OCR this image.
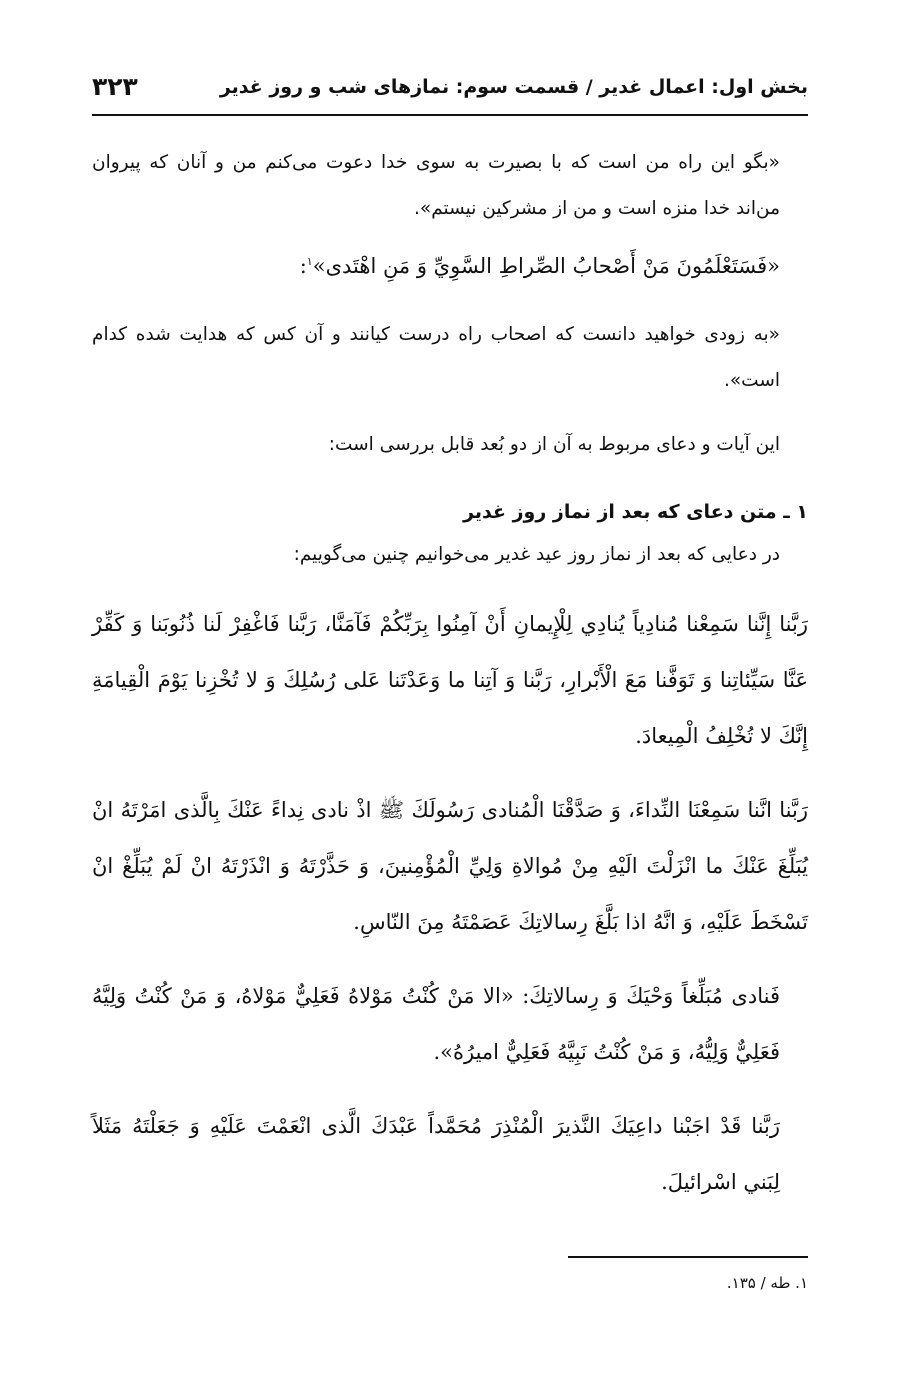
بخش اول: اعمال غدیر / قسمت سوم: نمازهای شب و روز غدیر
۳۲۳

«بگو این راه من است که با بصیرت به سوی خدا دعوت می‌کنم من و آنان که پیروان من‌اند خدا منزه است و من از مشرکین نیستم».

«فَسَتَعْلَمُونَ مَنْ أَصْحابُ الصِّراطِ السَّوِيِّ وَ مَنِ اهْتَدى»$^۱$:

«به زودی خواهید دانست که اصحاب راه درست کیانند و آن کس که هدایت شده کدام است».

این آیات و دعای مربوط به آن از دو بُعد قابل بررسی است:

۱ ـ متن دعای که بعد از نماز روز غدیر

در دعایی که بعد از نماز روز عید غدیر می‌خوانیم چنین می‌گوییم:

رَبَّنا إِنَّنا سَمِعْنا مُنادِياً يُنادِي لِلْإِيمانِ أَنْ آمِنُوا بِرَبِّكُمْ فَآمَنَّا، رَبَّنا فَاغْفِرْ لَنا ذُنُوبَنا وَ كَفِّرْ عَنَّا سَيِّئاتِنا وَ تَوَفَّنا مَعَ الْأَبْرارِ، رَبَّنا وَ آتِنا ما وَعَدْتَنا عَلى رُسُلِكَ وَ لا تُخْزِنا يَوْمَ الْقِيامَةِ إِنَّكَ لا تُخْلِفُ الْمِيعادَ.

رَبَّنا انَّنا سَمِعْنَا النِّداءَ، وَ صَدَّقْنَا الْمُنادى رَسُولَكَ ﷺ اذْ نادى نِداءً عَنْكَ بِالَّذى امَرْتَهُ انْ يُبَلِّغَ عَنْكَ ما انْزَلْتَ الَيْهِ مِنْ مُوالاةِ وَلِيِّ الْمُؤْمِنينَ، وَ حَذَّرْتَهُ وَ انْذَرْتَهُ انْ لَمْ يُبَلِّغْ انْ تَسْخَطَ عَلَيْهِ، وَ انَّهُ اذا بَلَّغَ رِسالاتِكَ عَصَمْتَهُ مِنَ النّاسِ.

فَنادى مُبَلِّغاً وَحْيَكَ وَ رِسالاتِكَ: «الا مَنْ كُنْتُ مَوْلاهُ فَعَلِيٌّ مَوْلاهُ، وَ مَنْ كُنْتُ وَلِيَّهُ فَعَلِيٌّ وَلِيُّهُ، وَ مَنْ كُنْتُ نَبِيَّهُ فَعَلِيٌّ اميرُهُ».

رَبَّنا قَدْ اجَبْنا داعِيَكَ النَّذيرَ الْمُنْذِرَ مُحَمَّداً عَبْدَكَ الَّذى انْعَمْتَ عَلَيْهِ وَ جَعَلْتَهُ مَثَلاً لِبَني اسْرائيلَ.

۱. طه / ۱۳۵.
